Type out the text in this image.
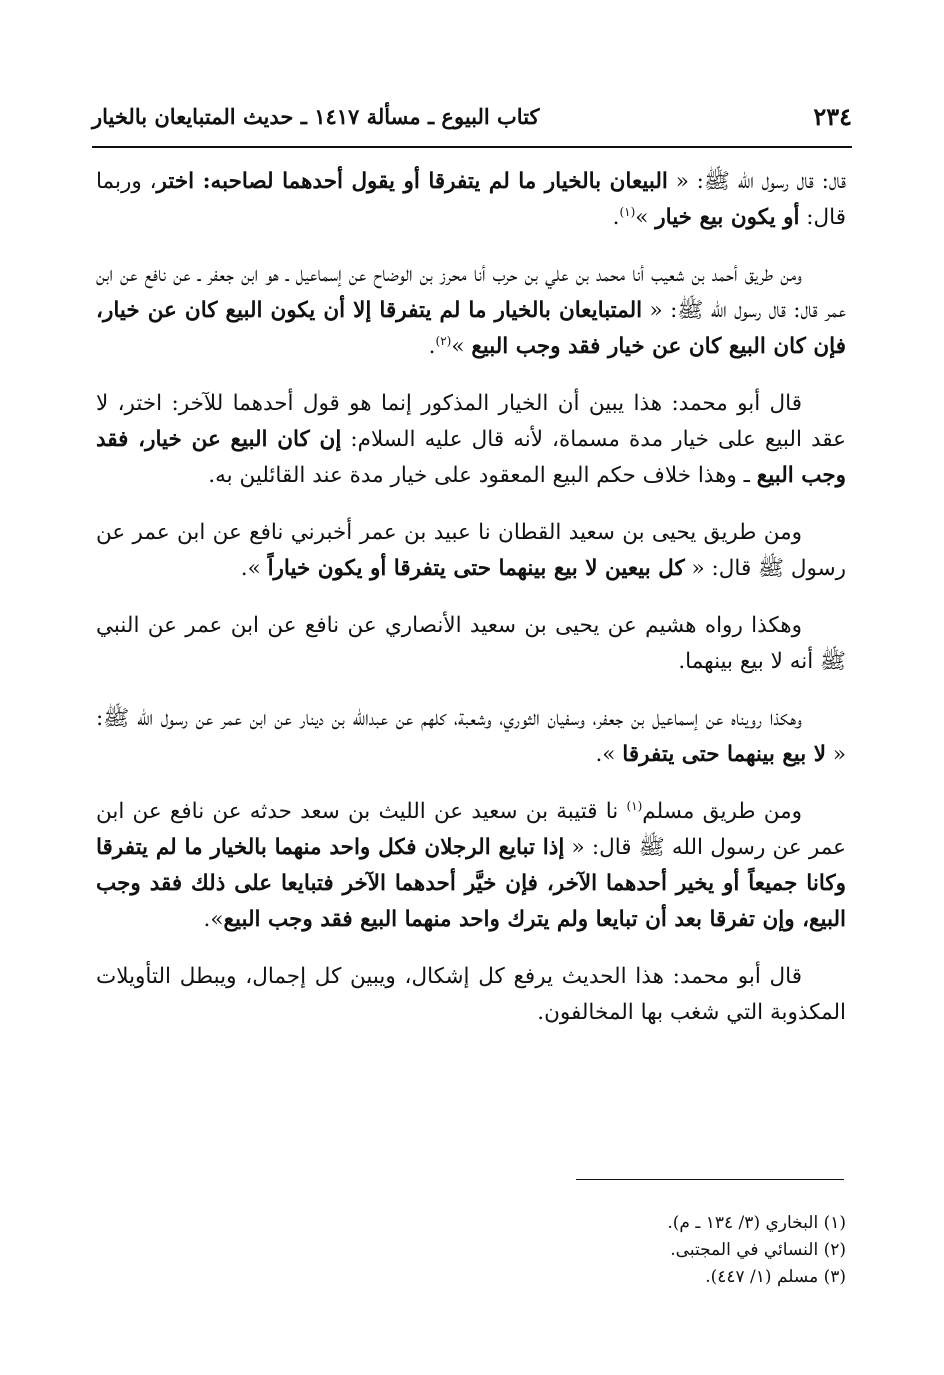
٢٣٤
كتاب البيوع ـ مسألة ١٤١٧ ـ حديث المتبايعان بالخيار

قال: قال رسول الله ﷺ: « البيعان بالخيار ما لم يتفرقا أو يقول أحدهما لصاحبه: اختر، وربما قال: أو يكون بيع خيار »$^{(١)}$.

ومن طريق أحمد بن شعيب أنا محمد بن علي بن حرب أنا محرز بن الوضاح عن إسماعيل ـ هو ابن جعفر ـ عن نافع عن ابن عمر قال: قال رسول الله ﷺ: « المتبايعان بالخيار ما لم يتفرقا إلا أن يكون البيع كان عن خيار، فإن كان البيع كان عن خيار فقد وجب البيع »$^{(٢)}$.

قال أبو محمد: هذا يبين أن الخيار المذكور إنما هو قول أحدهما للآخر: اختر، لا عقد البيع على خيار مدة مسماة، لأنه قال عليه السلام: إن كان البيع عن خيار، فقد وجب البيع ـ وهذا خلاف حكم البيع المعقود على خيار مدة عند القائلين به.

ومن طريق يحيى بن سعيد القطان نا عبيد بن عمر أخبرني نافع عن ابن عمر عن رسول ﷺ قال: « كل بيعين لا بيع بينهما حتى يتفرقا أو يكون خياراً ».

وهكذا رواه هشيم عن يحيى بن سعيد الأنصاري عن نافع عن ابن عمر عن النبي ﷺ أنه لا بيع بينهما.

وهكذا رويناه عن إسماعيل بن جعفر، وسفيان الثوري، وشعبة، كلهم عن عبدالله بن دينار عن ابن عمر عن رسول الله ﷺ: « لا بيع بينهما حتى يتفرقا ».

ومن طريق مسلم$^{(١)}$ نا قتيبة بن سعيد عن الليث بن سعد حدثه عن نافع عن ابن عمر عن رسول الله ﷺ قال: « إذا تبايع الرجلان فكل واحد منهما بالخيار ما لم يتفرقا وكانا جميعاً أو يخير أحدهما الآخر، فإن خيَّر أحدهما الآخر فتبايعا على ذلك فقد وجب البيع، وإن تفرقا بعد أن تبايعا ولم يترك واحد منهما البيع فقد وجب البيع».

قال أبو محمد: هذا الحديث يرفع كل إشكال، ويبين كل إجمال، ويبطل التأويلات المكذوبة التي شغب بها المخالفون.

(١) البخاري (٣/ ١٣٤ ـ م).

(٢) النسائي في المجتبى.

(٣) مسلم (١/ ٤٤٧).
